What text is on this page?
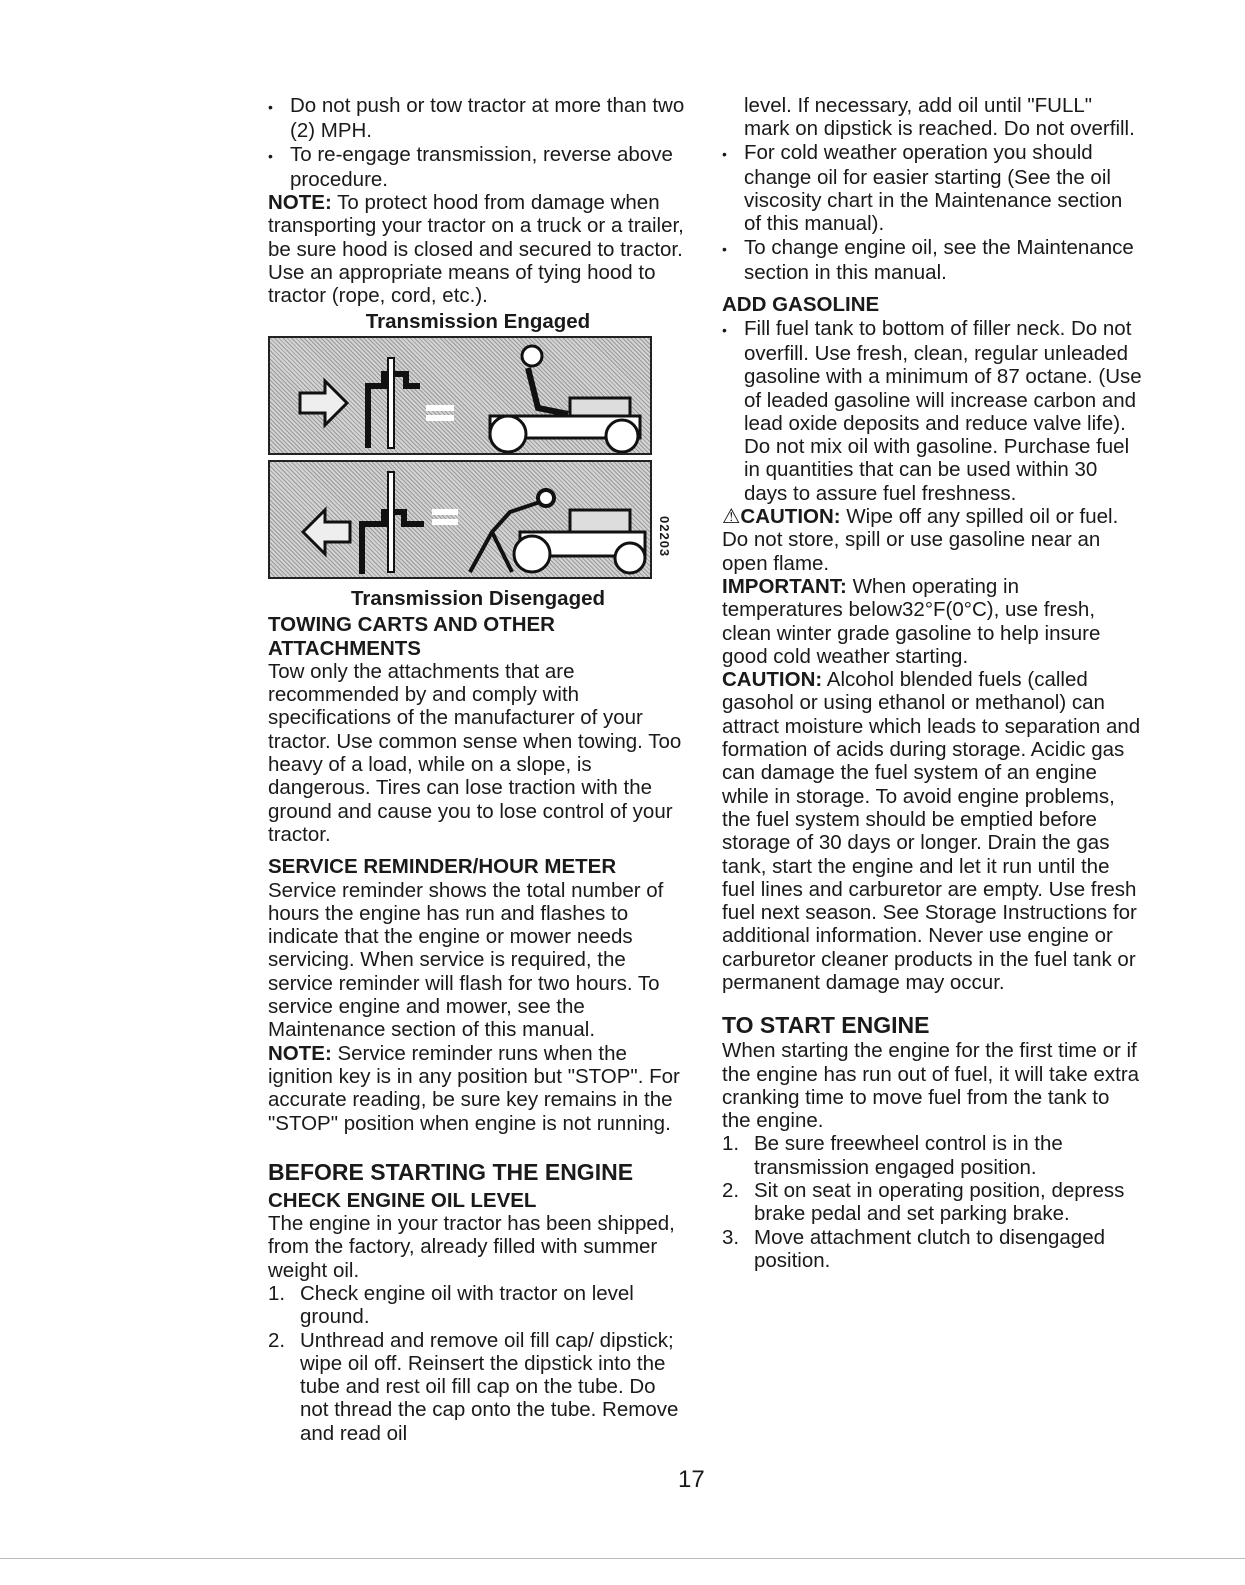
• Do not push or tow tractor at more than two (2) MPH.

• To re-engage transmission, reverse above procedure.

NOTE: To protect hood from damage when transporting your tractor on a truck or a trailer, be sure hood is closed and secured to tractor. Use an appropriate means of tying hood to tractor (rope, cord, etc.).

Transmission Engaged

02203

Transmission Disengaged

TOWING CARTS AND OTHER ATTACHMENTS

Tow only the attachments that are recommended by and comply with specifications of the manufacturer of your tractor. Use common sense when towing. Too heavy of a load, while on a slope, is dangerous. Tires can lose traction with the ground and cause you to lose control of your tractor.

SERVICE REMINDER/HOUR METER

Service reminder shows the total number of hours the engine has run and flashes to indicate that the engine or mower needs servicing. When service is required, the service reminder will flash for two hours. To service engine and mower, see the Maintenance section of this manual.

NOTE: Service reminder runs when the ignition key is in any position but "STOP". For accurate reading, be sure key remains in the "STOP" position when engine is not running.

BEFORE STARTING THE ENGINE

CHECK ENGINE OIL LEVEL

The engine in your tractor has been shipped, from the factory, already filled with summer weight oil.

1. Check engine oil with tractor on level ground.

2. Unthread and remove oil fill cap/ dipstick; wipe oil off. Reinsert the dipstick into the tube and rest oil fill cap on the tube. Do not thread the cap onto the tube. Remove and read oil

level. If necessary, add oil until "FULL" mark on dipstick is reached. Do not overfill.

• For cold weather operation you should change oil for easier starting (See the oil viscosity chart in the Maintenance section of this manual).

• To change engine oil, see the Maintenance section in this manual.

ADD GASOLINE

• Fill fuel tank to bottom of filler neck. Do not overfill. Use fresh, clean, regular unleaded gasoline with a minimum of 87 octane. (Use of leaded gasoline will increase carbon and lead oxide deposits and reduce valve life). Do not mix oil with gasoline. Purchase fuel in quantities that can be used within 30 days to assure fuel freshness.

⚠CAUTION: Wipe off any spilled oil or fuel. Do not store, spill or use gasoline near an open flame.

IMPORTANT: When operating in temperatures below32°F(0°C), use fresh, clean winter grade gasoline to help insure good cold weather starting.

CAUTION: Alcohol blended fuels (called gasohol or using ethanol or methanol) can attract moisture which leads to separation and formation of acids during storage. Acidic gas can damage the fuel system of an engine while in storage. To avoid engine problems, the fuel system should be emptied before storage of 30 days or longer. Drain the gas tank, start the engine and let it run until the fuel lines and carburetor are empty. Use fresh fuel next season. See Storage Instructions for additional information. Never use engine or carburetor cleaner products in the fuel tank or permanent damage may occur.

TO START ENGINE

When starting the engine for the first time or if the engine has run out of fuel, it will take extra cranking time to move fuel from the tank to the engine.

1. Be sure freewheel control is in the transmission engaged position.

2. Sit on seat in operating position, depress brake pedal and set parking brake.

3. Move attachment clutch to disengaged position.

17
